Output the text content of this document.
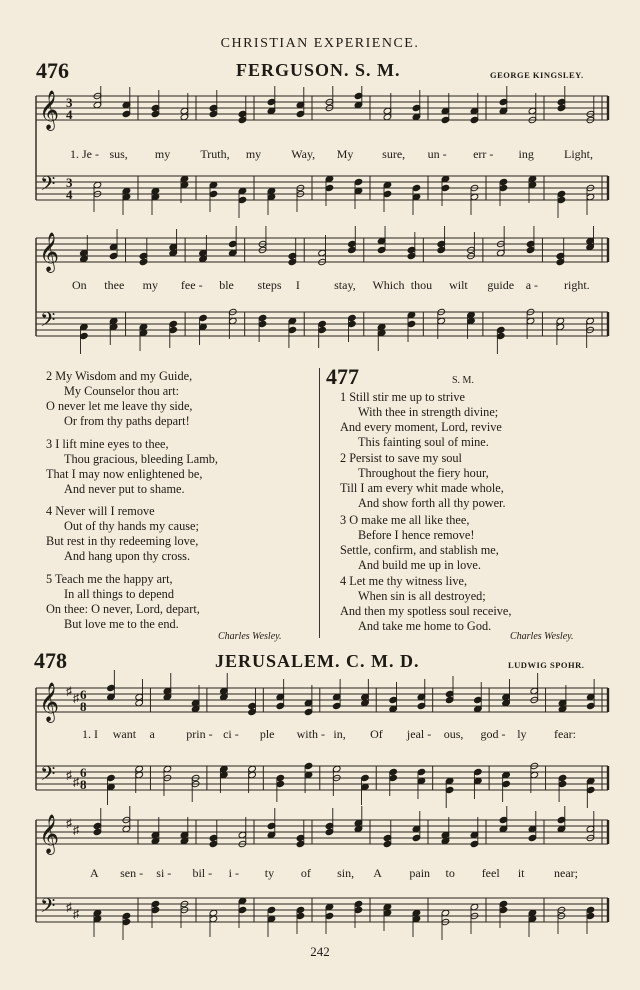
CHRISTIAN EXPERIENCE.
476	FERGUSON. S. M.	GEORGE KINGSLEY.
𝄞
𝄢
3
4
3
4
1. Je - sus, my	Truth, my	Way, My sure, un - err - ing	Light,
𝄞
𝄢
On thee my fee - ble steps I	stay, Which thou wilt guide a - right.
2 My Wisdom and my Guide,
My Counselor thou art:
O never let me leave thy side,
Or from thy paths depart!
3 I lift mine eyes to thee,
Thou gracious, bleeding Lamb,
That I may now enlightened be,
And never put to shame.
4 Never will I remove
Out of thy hands my cause;
But rest in thy redeeming love,
And hang upon thy cross.
5 Teach me the happy art,
In all things to depend
On thee: O never, Lord, depart,
But love me to the end.
Charles Wesley.
477	S. M.
1 Still stir me up to strive
With thee in strength divine;
And every moment, Lord, revive
This fainting soul of mine.
2 Persist to save my soul
Throughout the fiery hour,
Till I am every whit made whole,
And show forth all thy power.
3 O make me all like thee,
Before I hence remove!
Settle, confirm, and stablish me,
And build me up in love.
4 Let me thy witness live,
When sin is all destroyed;
And then my spotless soul receive,
And take me home to God.
Charles Wesley.
478	JERUSALEM. C. M. D.	LUDWIG SPOHR.
𝄞
𝄢
♯
♯
♯
♯
6
8
6
8
1. I want a	prin - ci - ple with - in, Of jeal - ous, god - ly fear:
𝄞
𝄢
♯
♯
♯
♯
A sen - si - bil - i - ty of sin, A pain to feel it near;
242
